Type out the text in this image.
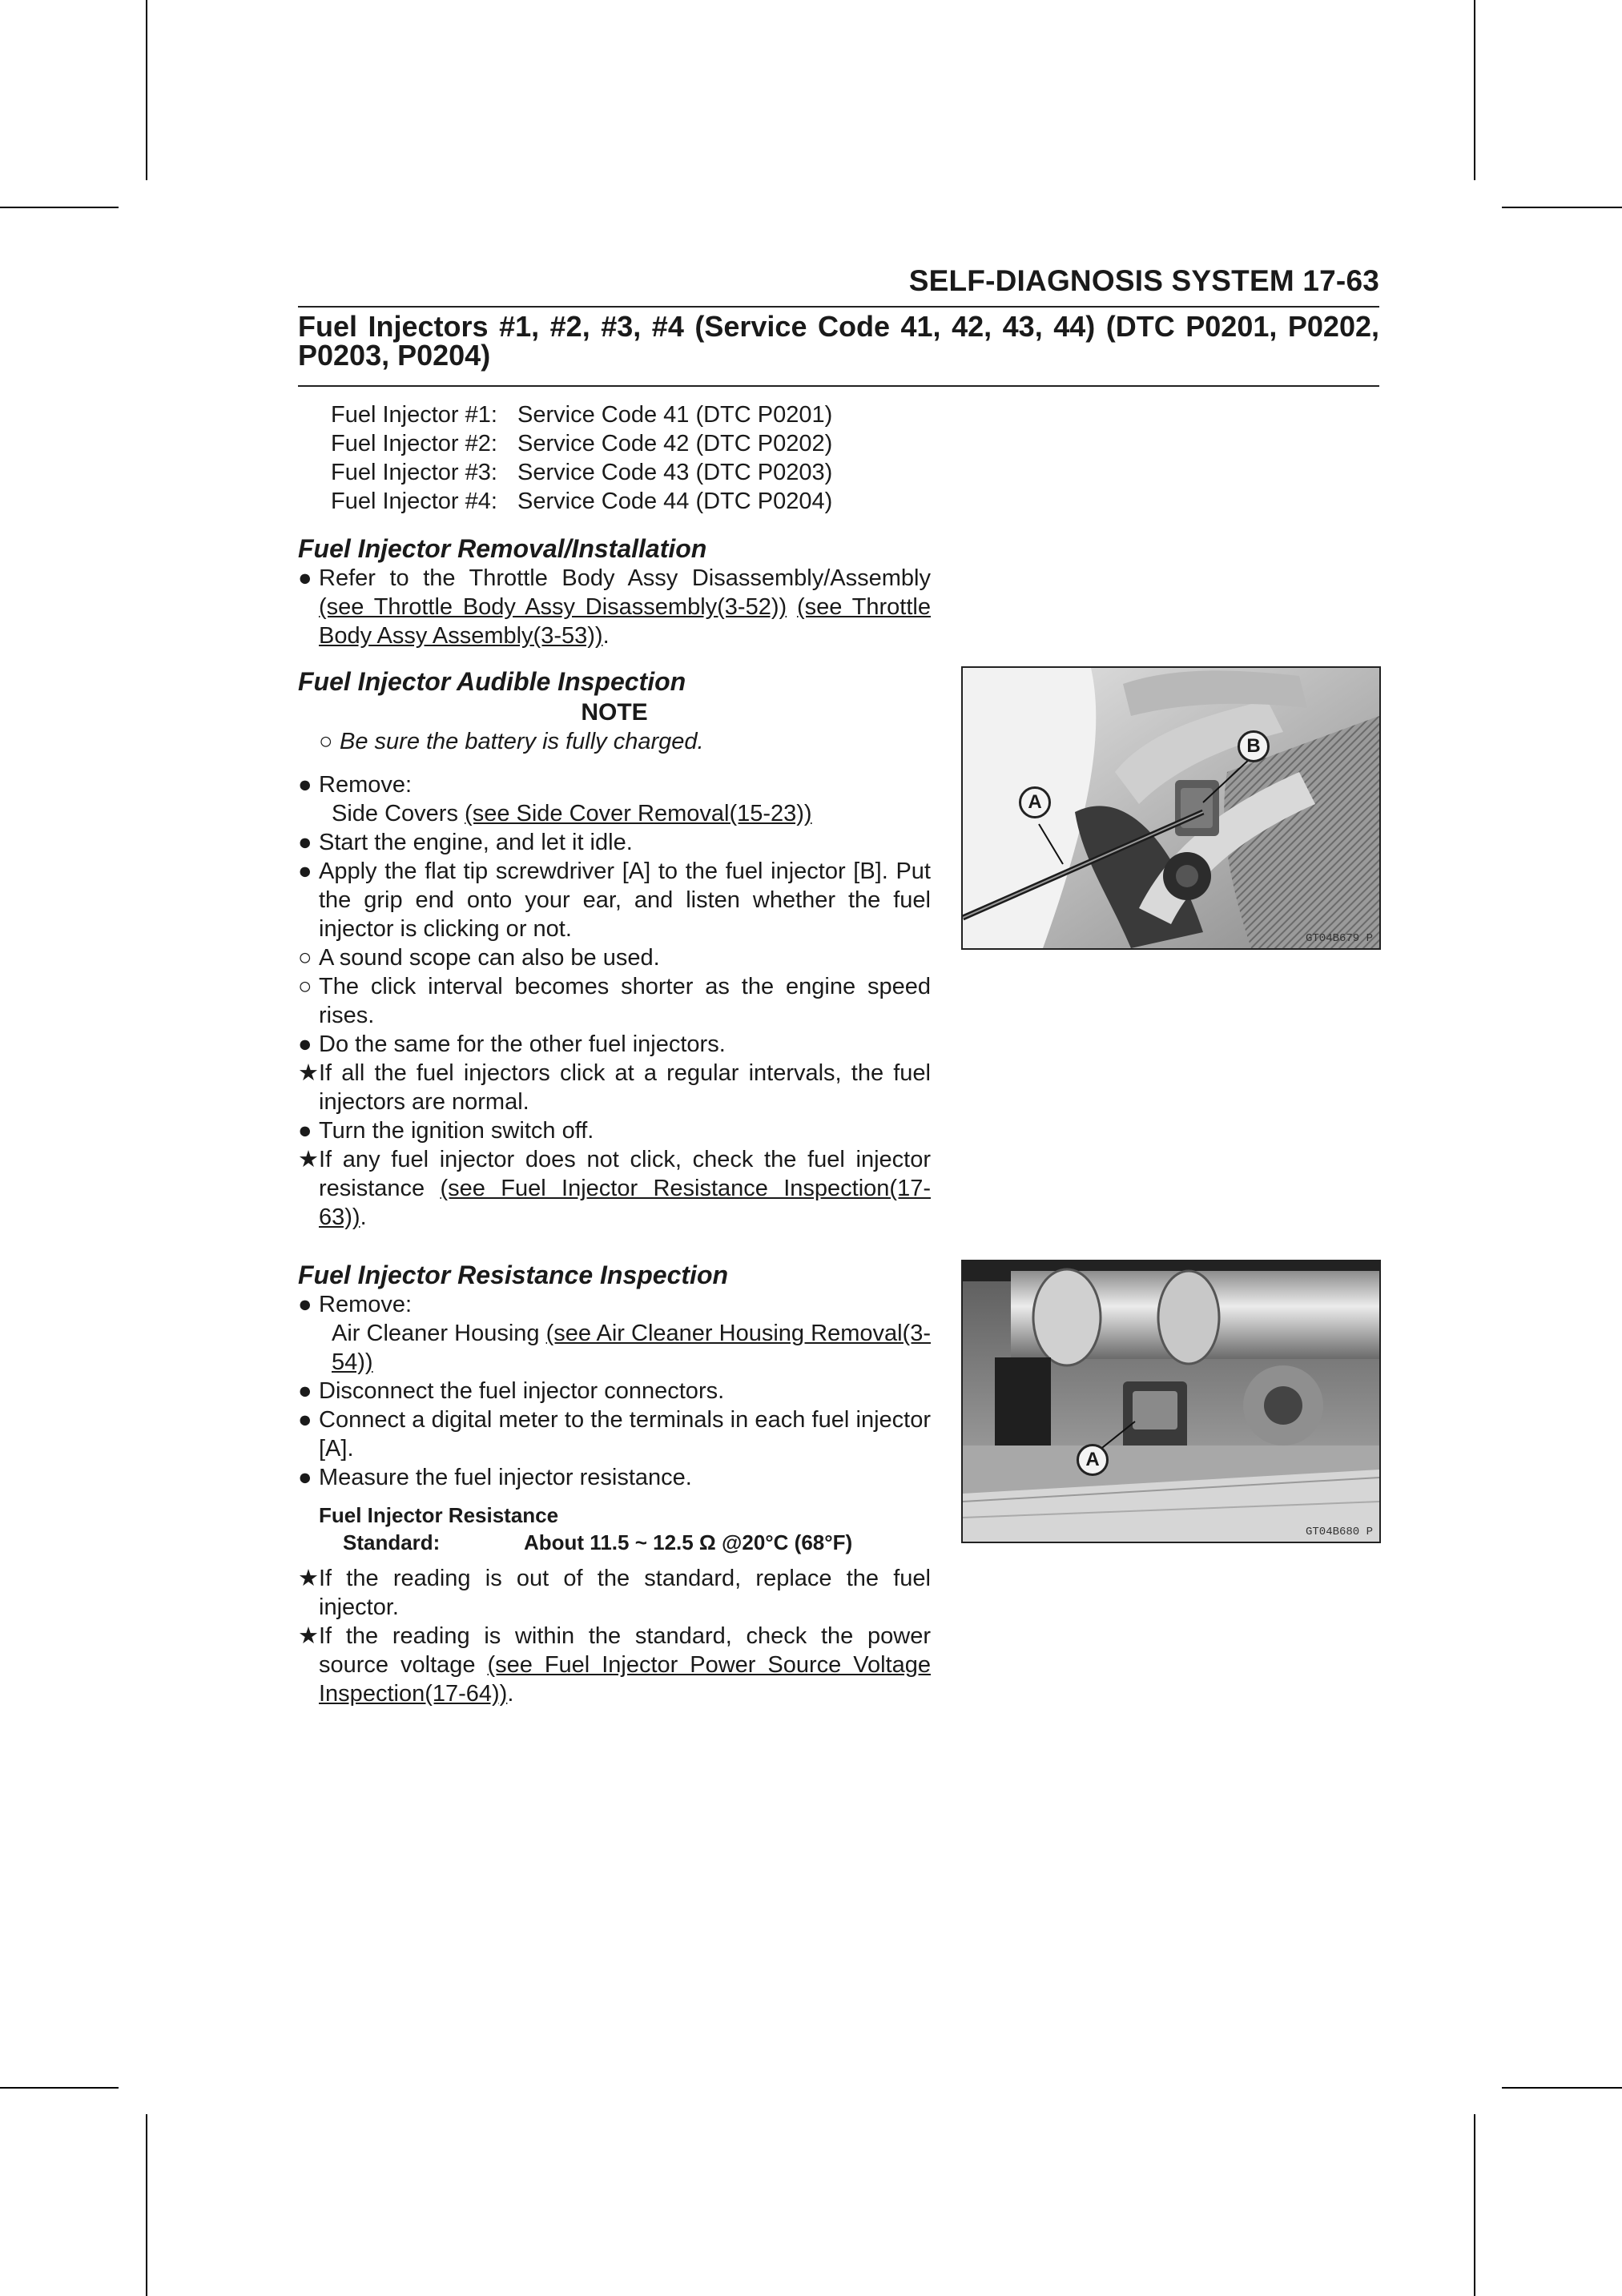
SELF-DIAGNOSIS SYSTEM 17-63
Fuel Injectors #1, #2, #3, #4 (Service Code 41, 42, 43, 44) (DTC P0201, P0202, P0203, P0204)
Fuel Injector #1: Service Code 41 (DTC P0201)
Fuel Injector #2: Service Code 42 (DTC P0202)
Fuel Injector #3: Service Code 43 (DTC P0203)
Fuel Injector #4: Service Code 44 (DTC P0204)
Fuel Injector Removal/Installation
● Refer to the Throttle Body Assy Disassembly/Assembly (see Throttle Body Assy Disassembly(3-52)) (see Throttle Body Assy Assembly(3-53)).
Fuel Injector Audible Inspection
NOTE
○ Be sure the battery is fully charged.
● Remove:
Side Covers (see Side Cover Removal(15-23))
● Start the engine, and let it idle.
● Apply the flat tip screwdriver [A] to the fuel injector [B]. Put the grip end onto your ear, and listen whether the fuel injector is clicking or not.
○ A sound scope can also be used.
○ The click interval becomes shorter as the engine speed rises.
● Do the same for the other fuel injectors.
★ If all the fuel injectors click at a regular intervals, the fuel injectors are normal.
● Turn the ignition switch off.
★ If any fuel injector does not click, check the fuel injector resistance (see Fuel Injector Resistance Inspection(17-63)).
Fuel Injector Resistance Inspection
● Remove:
Air Cleaner Housing (see Air Cleaner Housing Removal(3-54))
● Disconnect the fuel injector connectors.
● Connect a digital meter to the terminals in each fuel injector [A].
● Measure the fuel injector resistance.
Fuel Injector Resistance
Standard:	About 11.5 ~ 12.5 Ω @20°C (68°F)
★ If the reading is out of the standard, replace the fuel injector.
★ If the reading is within the standard, check the power source voltage (see Fuel Injector Power Source Voltage Inspection(17-64)).
A
B
GT04B679 P
A
GT04B680 P
